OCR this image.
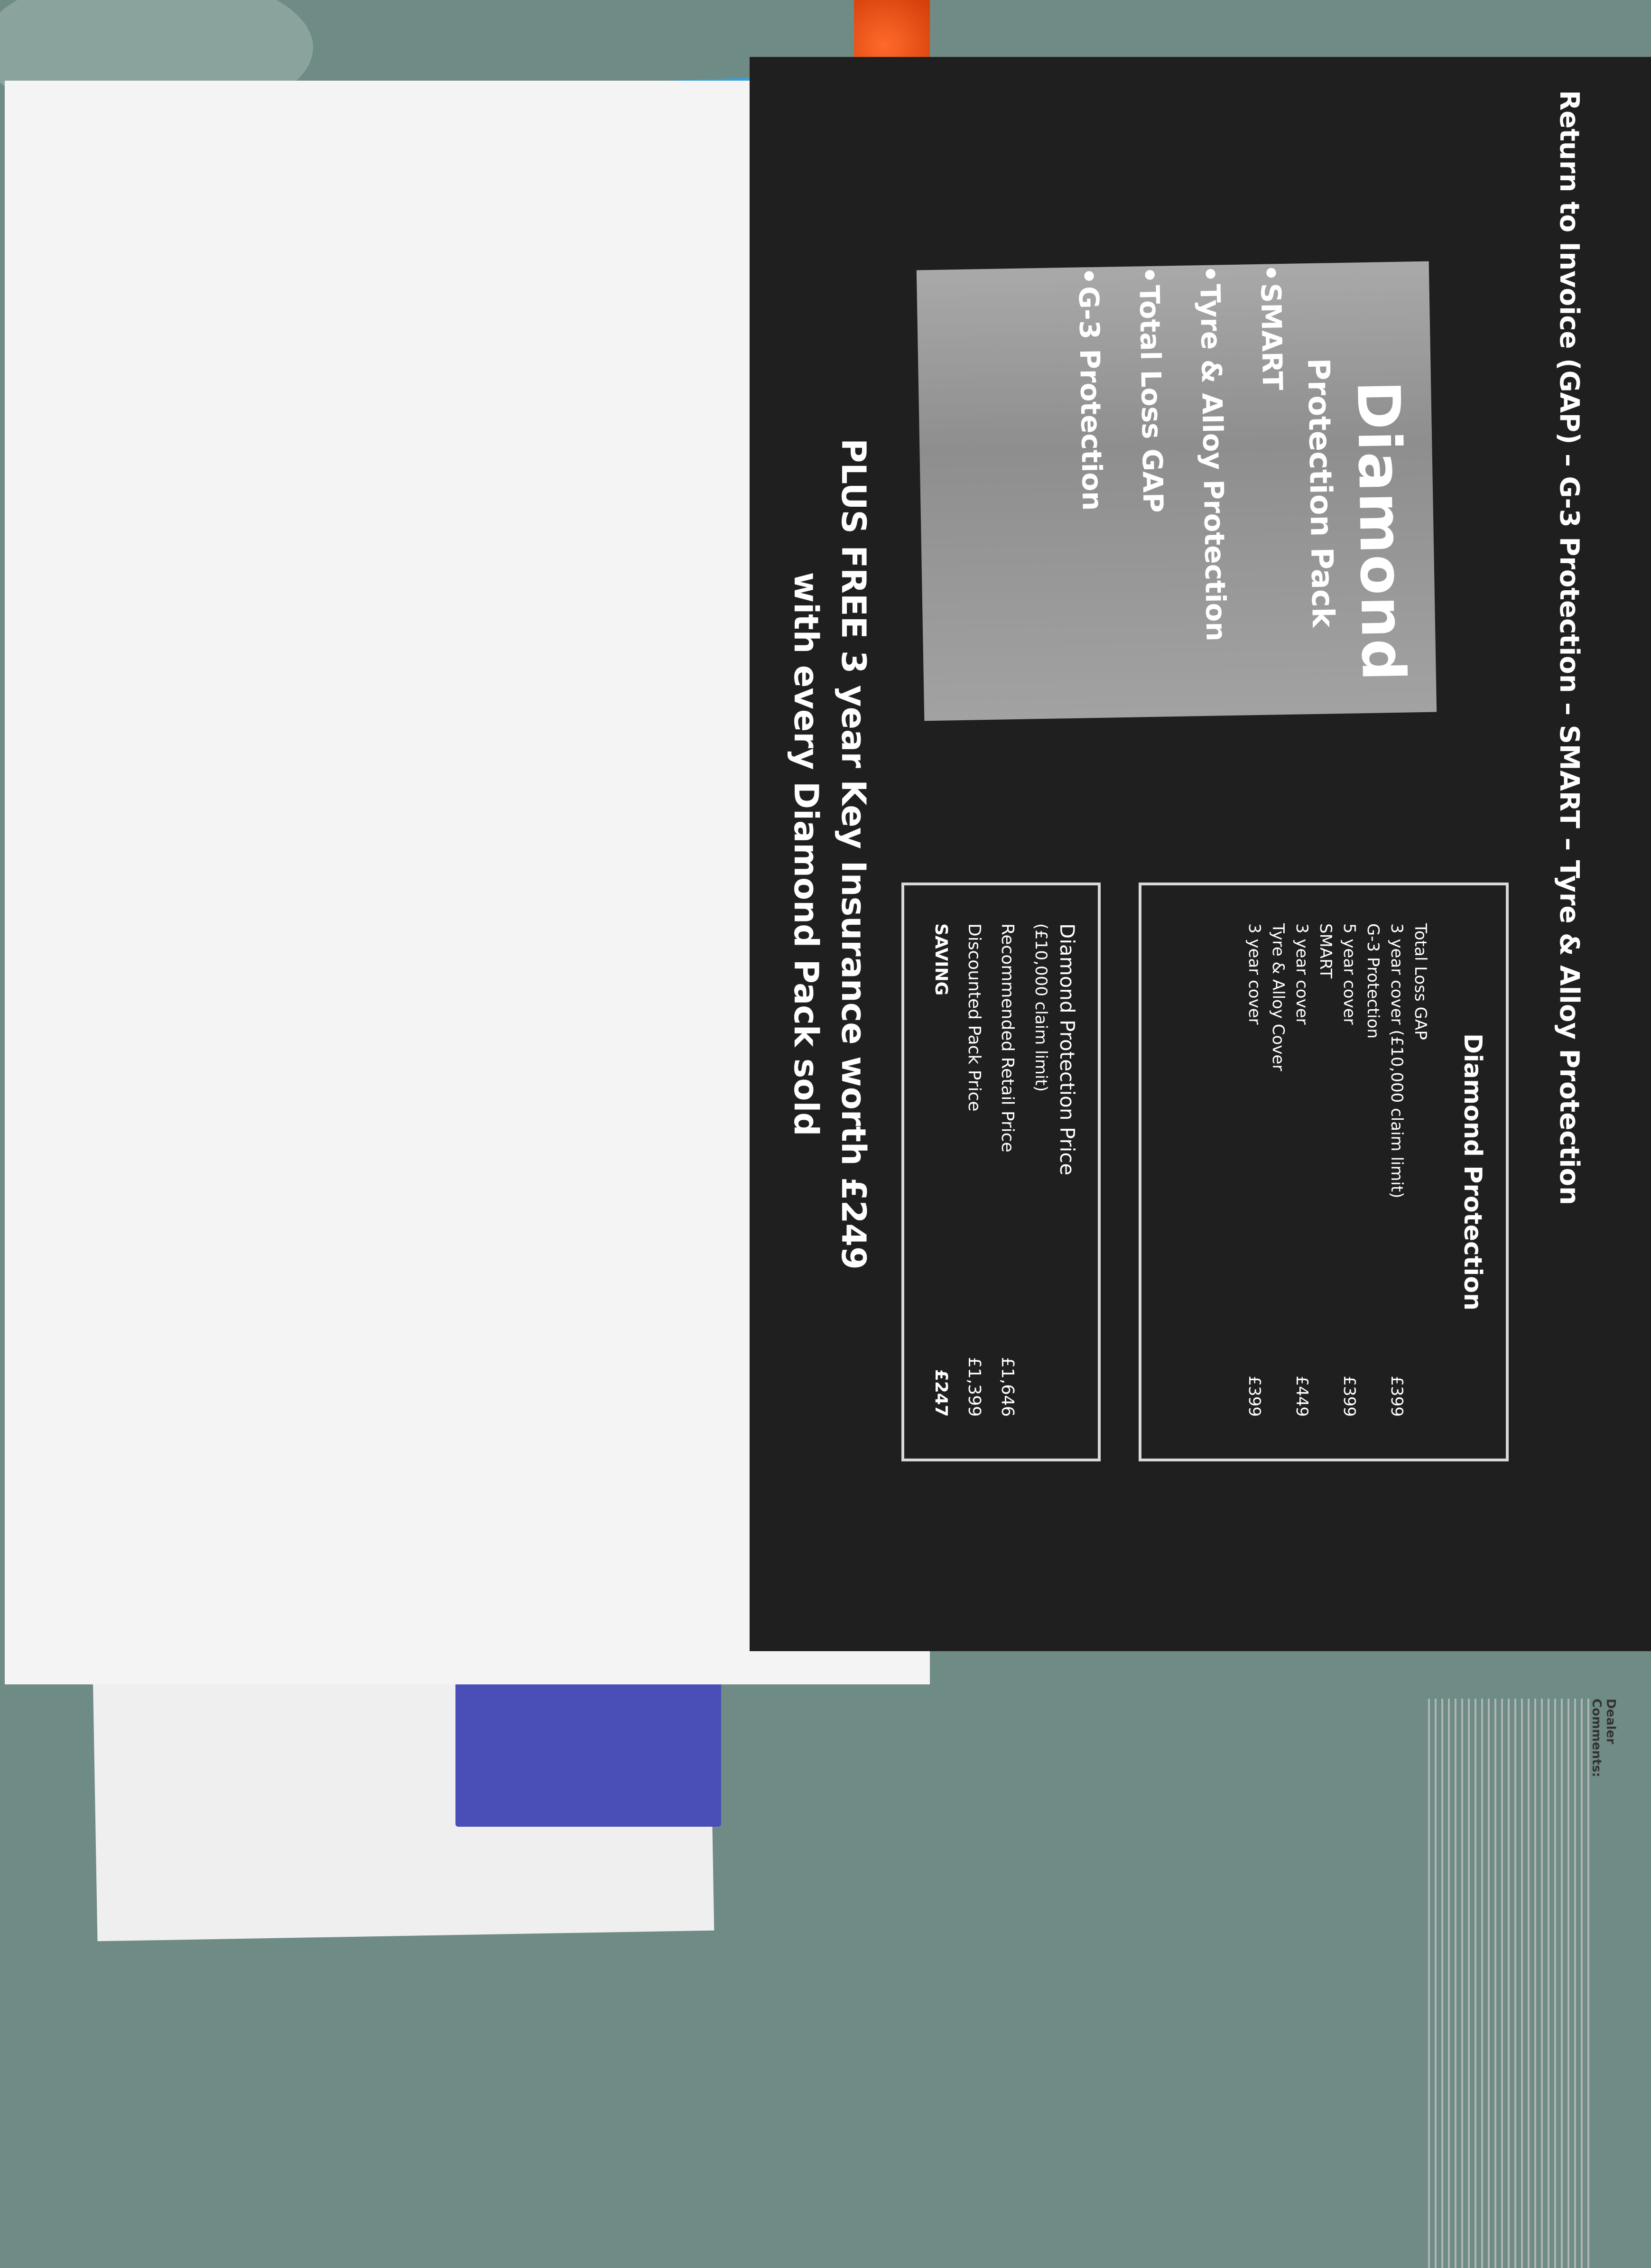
Return to Invoice (GAP) – G-3 Protection – SMART – Tyre & Alloy Protection
Diamond
Protection Pack
• SMART
• Tyre & Alloy Protection
• Total Loss GAP
• G-3 Protection
Diamond Protection
Total Loss GAP
3 year cover (£10,000 claim limit)
£399
G-3 Protection
5 year cover
£399
SMART
3 year cover
£449
Tyre & Alloy Cover
3 year cover
£399
Diamond Protection Price
(£10,000 claim limit)
Recommended Retail Price
£1,646
Discounted Pack Price
£1,399
SAVING
£247
PLUS FREE 3 year Key Insurance worth £249
with every Diamond Pack sold
Dealer Comments:
